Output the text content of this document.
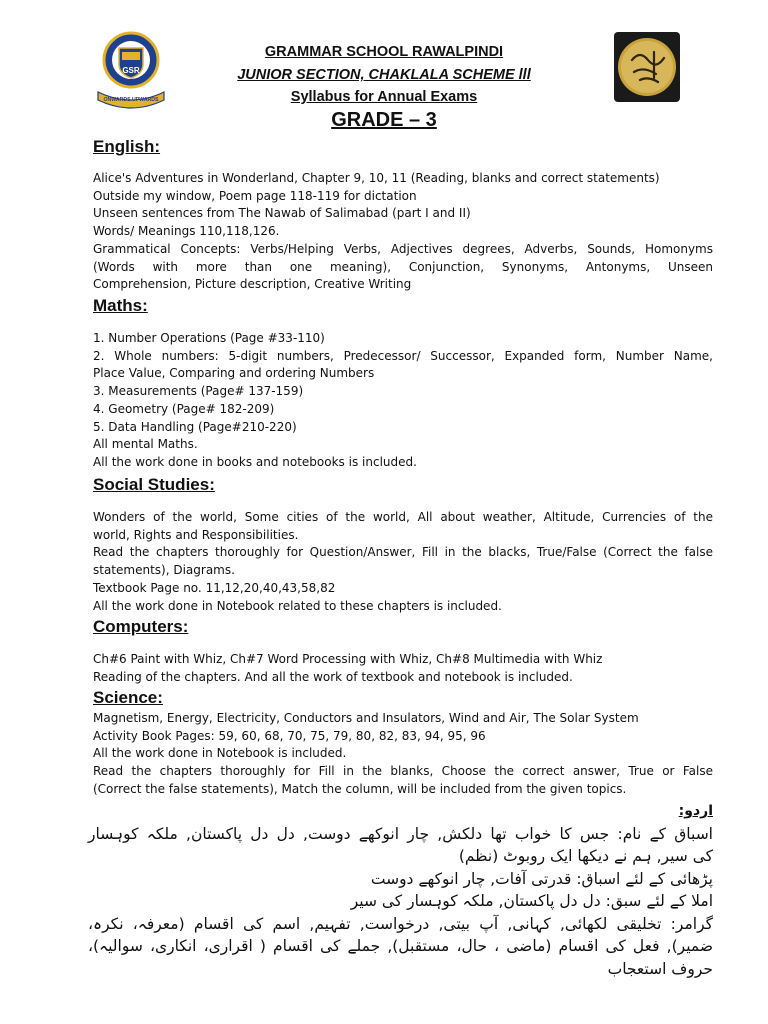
GSR
ONWARDS UPWARDS
GRAMMAR SCHOOL RAWALPINDI
JUNIOR SECTION, CHAKLALA SCHEME lll
Syllabus for Annual Exams
GRADE – 3
English:
Alice's Adventures in Wonderland, Chapter 9, 10, 11 (Reading, blanks and correct statements)
Outside my window, Poem page 118-119 for dictation
Unseen sentences from The Nawab of Salimabad (part I and II)
Words/ Meanings 110,118,126.
Grammatical Concepts: Verbs/Helping Verbs, Adjectives degrees, Adverbs, Sounds, Homonyms
(Words with more than one meaning), Conjunction, Synonyms, Antonyms, Unseen
Comprehension, Picture description, Creative Writing
Maths:
1. Number Operations (Page #33-110)
2. Whole numbers: 5-digit numbers, Predecessor/ Successor, Expanded form, Number Name,
Place Value, Comparing and ordering Numbers
3. Measurements (Page# 137-159)
4. Geometry (Page# 182-209)
5. Data Handling (Page#210-220)
All mental Maths.
All the work done in books and notebooks is included.
Social Studies:
Wonders of the world, Some cities of the world, All about weather, Altitude, Currencies of the
world, Rights and Responsibilities.
Read the chapters thoroughly for Question/Answer, Fill in the blacks, True/False (Correct the false
statements), Diagrams.
Textbook Page no. 11,12,20,40,43,58,82
All the work done in Notebook related to these chapters is included.
Computers:
Ch#6 Paint with Whiz, Ch#7 Word Processing with Whiz, Ch#8 Multimedia with Whiz
Reading of the chapters. And all the work of textbook and notebook is included.
Science:
Magnetism, Energy, Electricity, Conductors and Insulators, Wind and Air, The Solar System
Activity Book Pages: 59, 60, 68, 70, 75, 79, 80, 82, 83, 94, 95, 96
All the work done in Notebook is included.
Read the chapters thoroughly for Fill in the blanks, Choose the correct answer, True or False
(Correct the false statements), Match the column, will be included from the given topics.
اردو:
اسباق کے نام: جس کا خواب تھا دلکش, چار انوکھے دوست, دل دل پاکستان, ملکہ کوہسار
کی سیر, ہم نے دیکھا ایک روبوٹ (نظم)
پڑھائی کے لئے اسباق: قدرتی آفات, چار انوکھے دوست
املا کے لئے سبق: دل دل پاکستان, ملکہ کوہسار کی سیر
گرامر: تخلیقی لکھائی, کہانی, آپ بیتی, درخواست, تفہیم, اسم کی اقسام (معرفہ، نکرہ،
ضمیر), فعل کی اقسام (ماضی ، حال، مستقبل), جملے کی اقسام ( اقراری، انکاری، سوالیہ)،
حروف استعجاب
